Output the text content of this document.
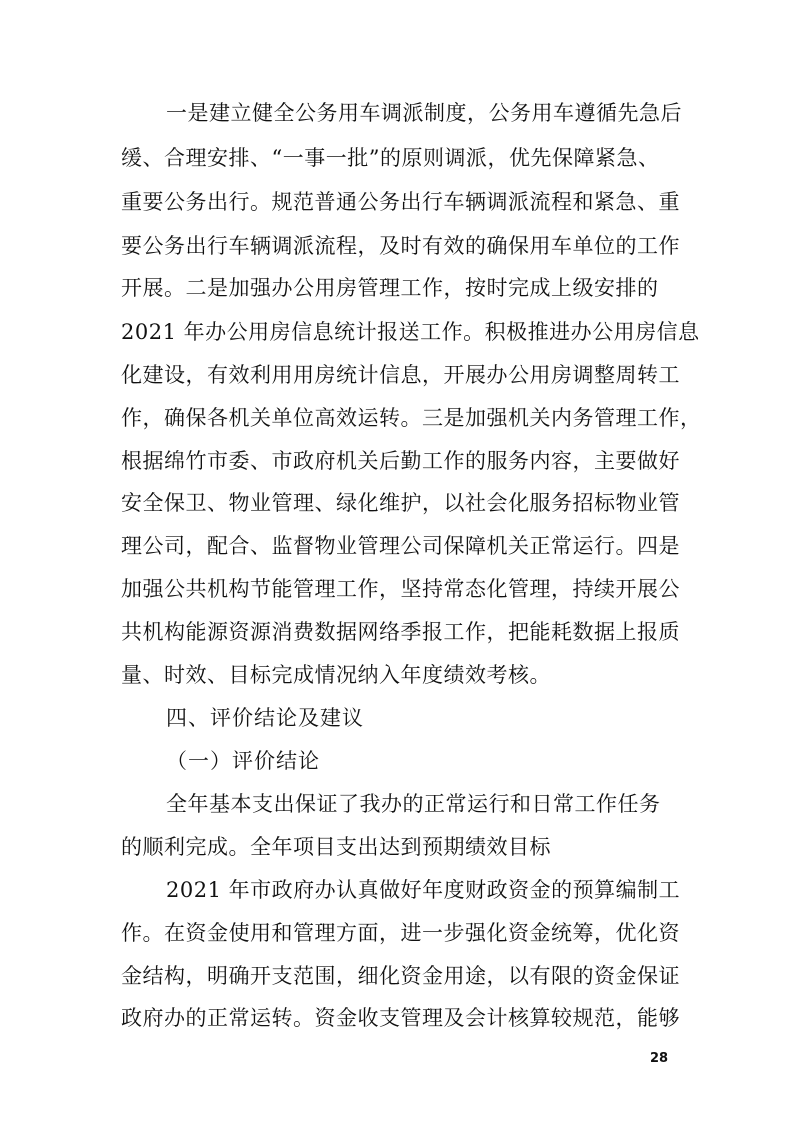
一是建立健全公务用车调派制度，公务用车遵循先急后
缓、合理安排、“一事一批”的原则调派，优先保障紧急、
重要公务出行。规范普通公务出行车辆调派流程和紧急、重
要公务出行车辆调派流程，及时有效的确保用车单位的工作
开展。二是加强办公用房管理工作，按时完成上级安排的
2021 年办公用房信息统计报送工作。积极推进办公用房信息
化建设，有效利用用房统计信息，开展办公用房调整周转工
作，确保各机关单位高效运转。三是加强机关内务管理工作，
根据绵竹市委、市政府机关后勤工作的服务内容，主要做好
安全保卫、物业管理、绿化维护，以社会化服务招标物业管
理公司，配合、监督物业管理公司保障机关正常运行。四是
加强公共机构节能管理工作，坚持常态化管理，持续开展公
共机构能源资源消费数据网络季报工作，把能耗数据上报质
量、时效、目标完成情况纳入年度绩效考核。
四、评价结论及建议
（一）评价结论
全年基本支出保证了我办的正常运行和日常工作任务
的顺利完成。全年项目支出达到预期绩效目标
2021 年市政府办认真做好年度财政资金的预算编制工
作。在资金使用和管理方面，进一步强化资金统筹，优化资
金结构，明确开支范围，细化资金用途，以有限的资金保证
政府办的正常运转。资金收支管理及会计核算较规范，能够
28
